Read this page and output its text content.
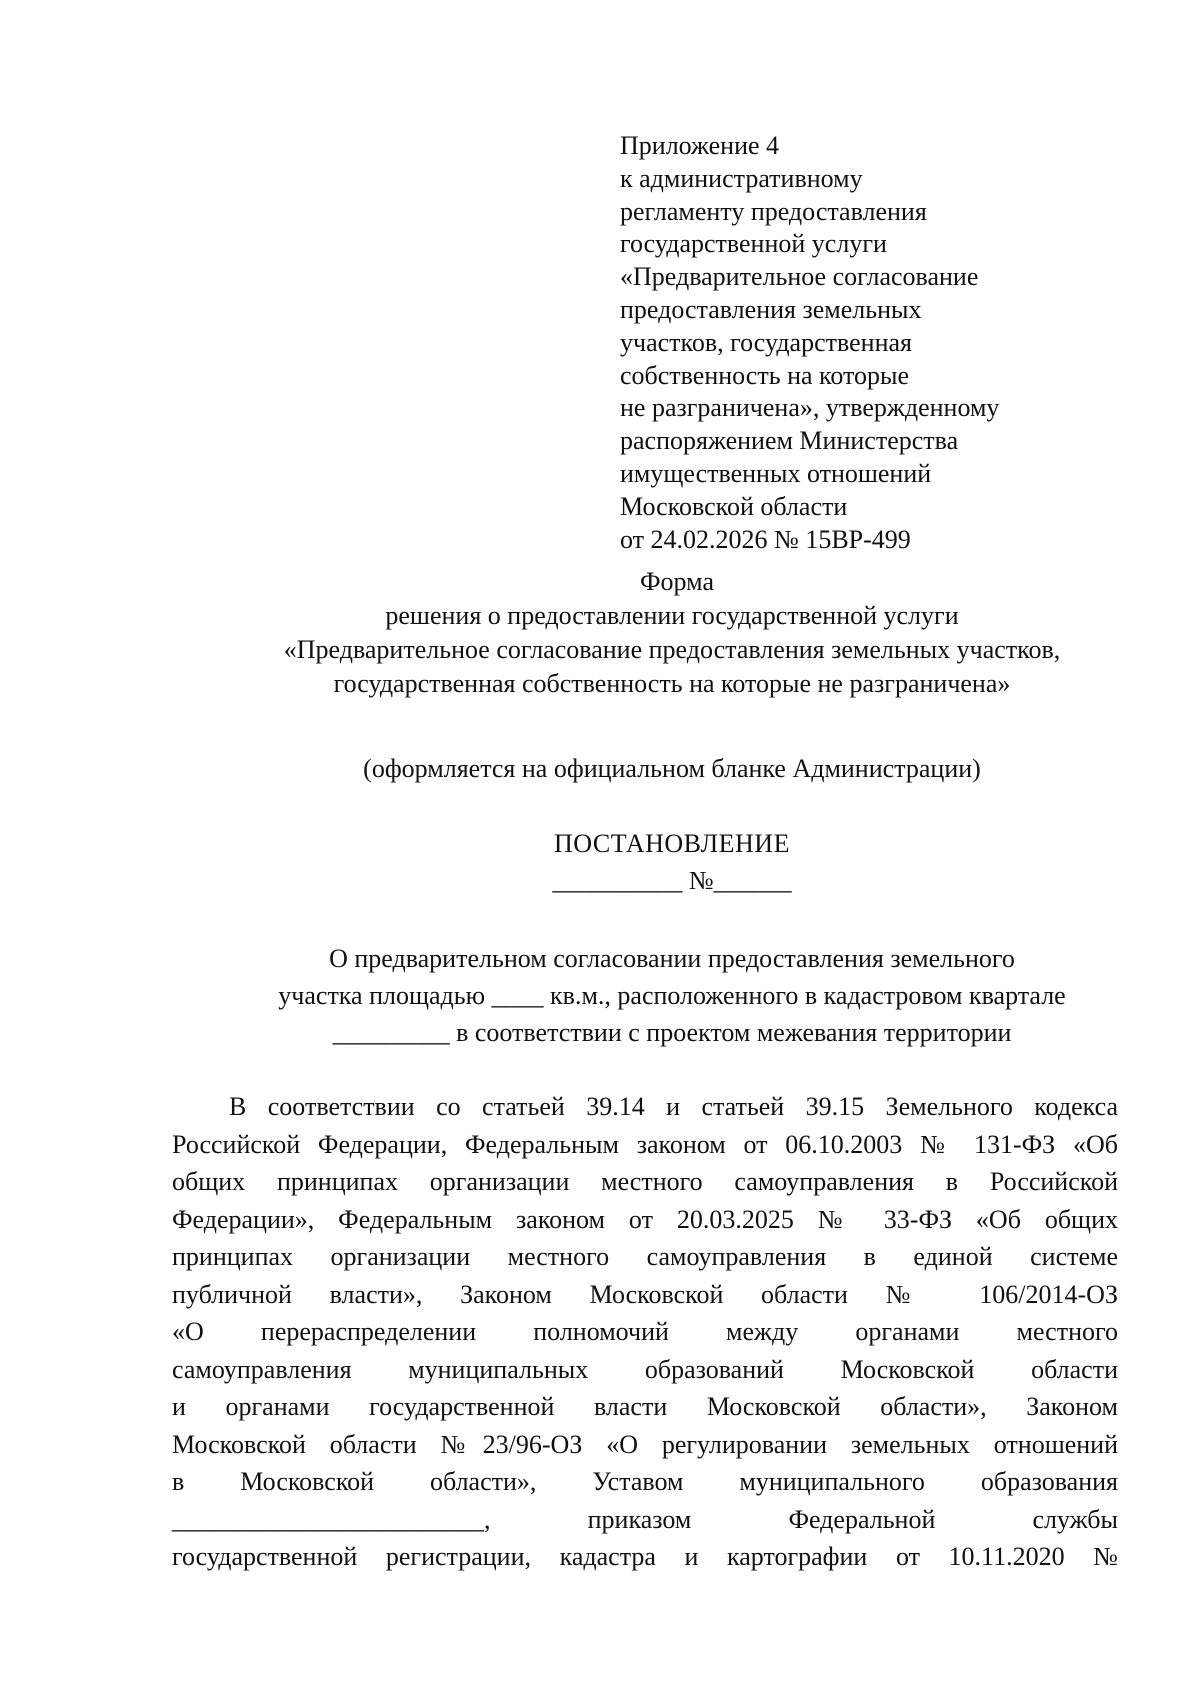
Приложение 4
к административному
регламенту предоставления
государственной услуги
«Предварительное согласование
предоставления земельных
участков, государственная
собственность на которые
не разграничена», утвержденному
распоряжением Министерства
имущественных отношений
Московской области
от 24.02.2026 № 15ВР-499
Форма
решения о предоставлении государственной услуги
«Предварительное согласование предоставления земельных участков,
государственная собственность на которые не разграничена»
(оформляется на официальном бланке Администрации)
ПОСТАНОВЛЕНИЕ
__________ №______
О предварительном согласовании предоставления земельного
участка площадью ____ кв.м., расположенного в кадастровом квартале
_________ в соответствии с проектом межевания территории
В соответствии со статьей 39.14 и статьей 39.15 Земельного кодекса
Российской Федерации, Федеральным законом от 06.10.2003 № 131-ФЗ «Об
общих принципах организации местного самоуправления в Российской
Федерации», Федеральным законом от 20.03.2025 № 33-ФЗ «Об общих
принципах организации местного самоуправления в единой системе
публичной власти», Законом Московской области № 106/2014-ОЗ
«О перераспределении полномочий между органами местного
самоуправления муниципальных образований Московской области
и органами государственной власти Московской области», Законом
Московской области №23/96-ОЗ «О регулировании земельных отношений
в Московской области», Уставом муниципального образования
________________________, приказом Федеральной службы
государственной регистрации, кадастра и картографии от 10.11.2020 №
